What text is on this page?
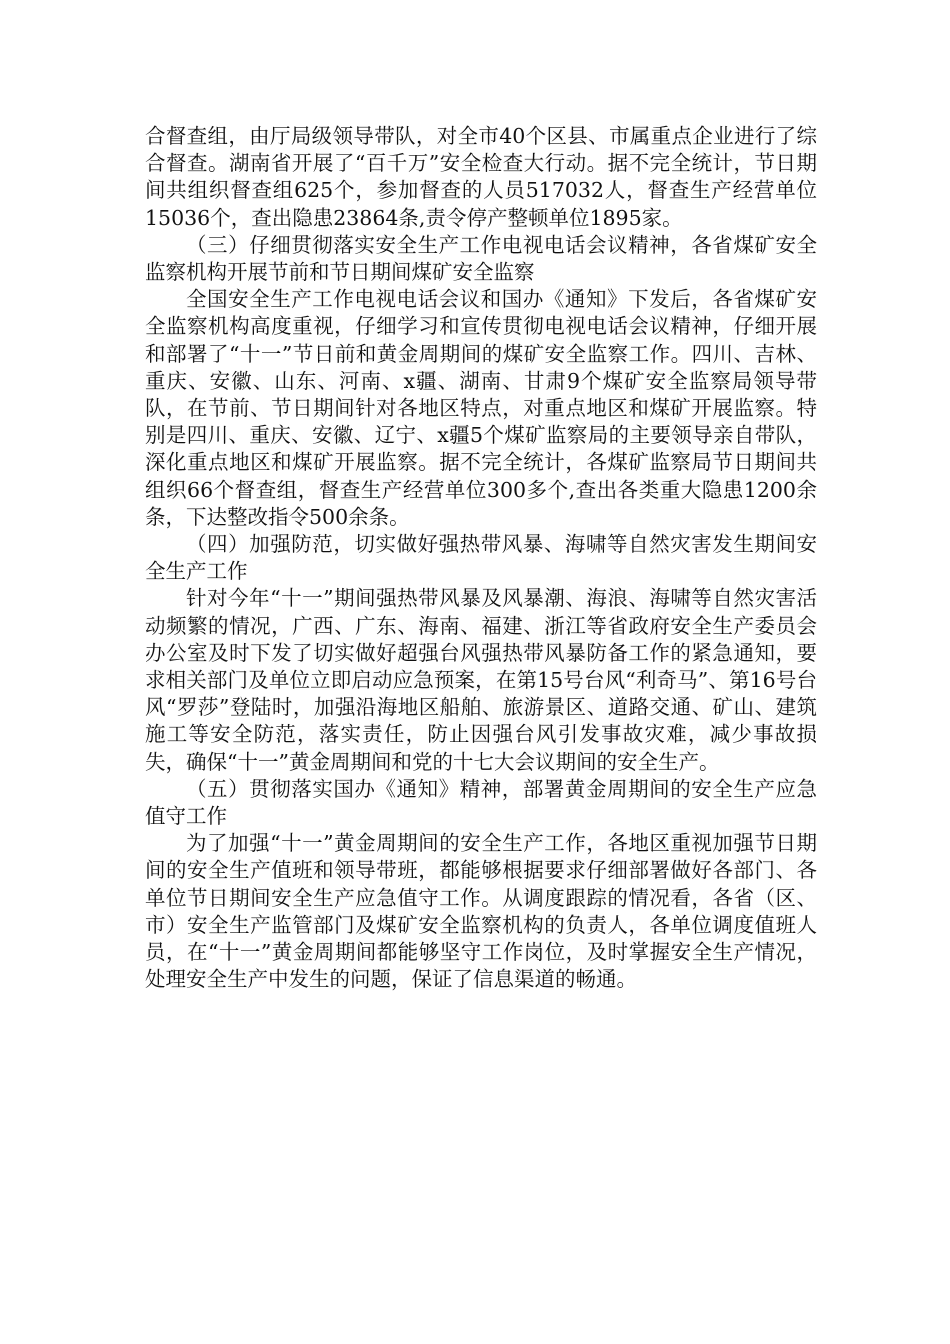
合督查组，由厅局级领导带队，对全市40个区县、市属重点企业进行了综合督查。湖南省开展了“百千万”安全检查大行动。据不完全统计，节日期间共组织督查组625个，参加督查的人员517032人，督查生产经营单位15036个，查出隐患23864条,责令停产整顿单位1895家。

（三）仔细贯彻落实安全生产工作电视电话会议精神，各省煤矿安全监察机构开展节前和节日期间煤矿安全监察

全国安全生产工作电视电话会议和国办《通知》下发后，各省煤矿安全监察机构高度重视，仔细学习和宣传贯彻电视电话会议精神，仔细开展和部署了“十一”节日前和黄金周期间的煤矿安全监察工作。四川、吉林、重庆、安徽、山东、河南、x疆、湖南、甘肃9个煤矿安全监察局领导带队，在节前、节日期间针对各地区特点，对重点地区和煤矿开展监察。特别是四川、重庆、安徽、辽宁、x疆5个煤矿监察局的主要领导亲自带队，深化重点地区和煤矿开展监察。据不完全统计，各煤矿监察局节日期间共组织66个督查组，督查生产经营单位300多个,查出各类重大隐患1200余条，下达整改指令500余条。

（四）加强防范，切实做好强热带风暴、海啸等自然灾害发生期间安全生产工作

针对今年“十一”期间强热带风暴及风暴潮、海浪、海啸等自然灾害活动频繁的情况，广西、广东、海南、福建、浙江等省政府安全生产委员会办公室及时下发了切实做好超强台风强热带风暴防备工作的紧急通知，要求相关部门及单位立即启动应急预案，在第15号台风“利奇马”、第16号台风“罗莎”登陆时，加强沿海地区船舶、旅游景区、道路交通、矿山、建筑施工等安全防范，落实责任，防止因强台风引发事故灾难，减少事故损失，确保“十一”黄金周期间和党的十七大会议期间的安全生产。

（五）贯彻落实国办《通知》精神，部署黄金周期间的安全生产应急值守工作

为了加强“十一”黄金周期间的安全生产工作，各地区重视加强节日期间的安全生产值班和领导带班，都能够根据要求仔细部署做好各部门、各单位节日期间安全生产应急值守工作。从调度跟踪的情况看，各省（区、市）安全生产监管部门及煤矿安全监察机构的负责人，各单位调度值班人员，在“十一”黄金周期间都能够坚守工作岗位，及时掌握安全生产情况，处理安全生产中发生的问题，保证了信息渠道的畅通。
